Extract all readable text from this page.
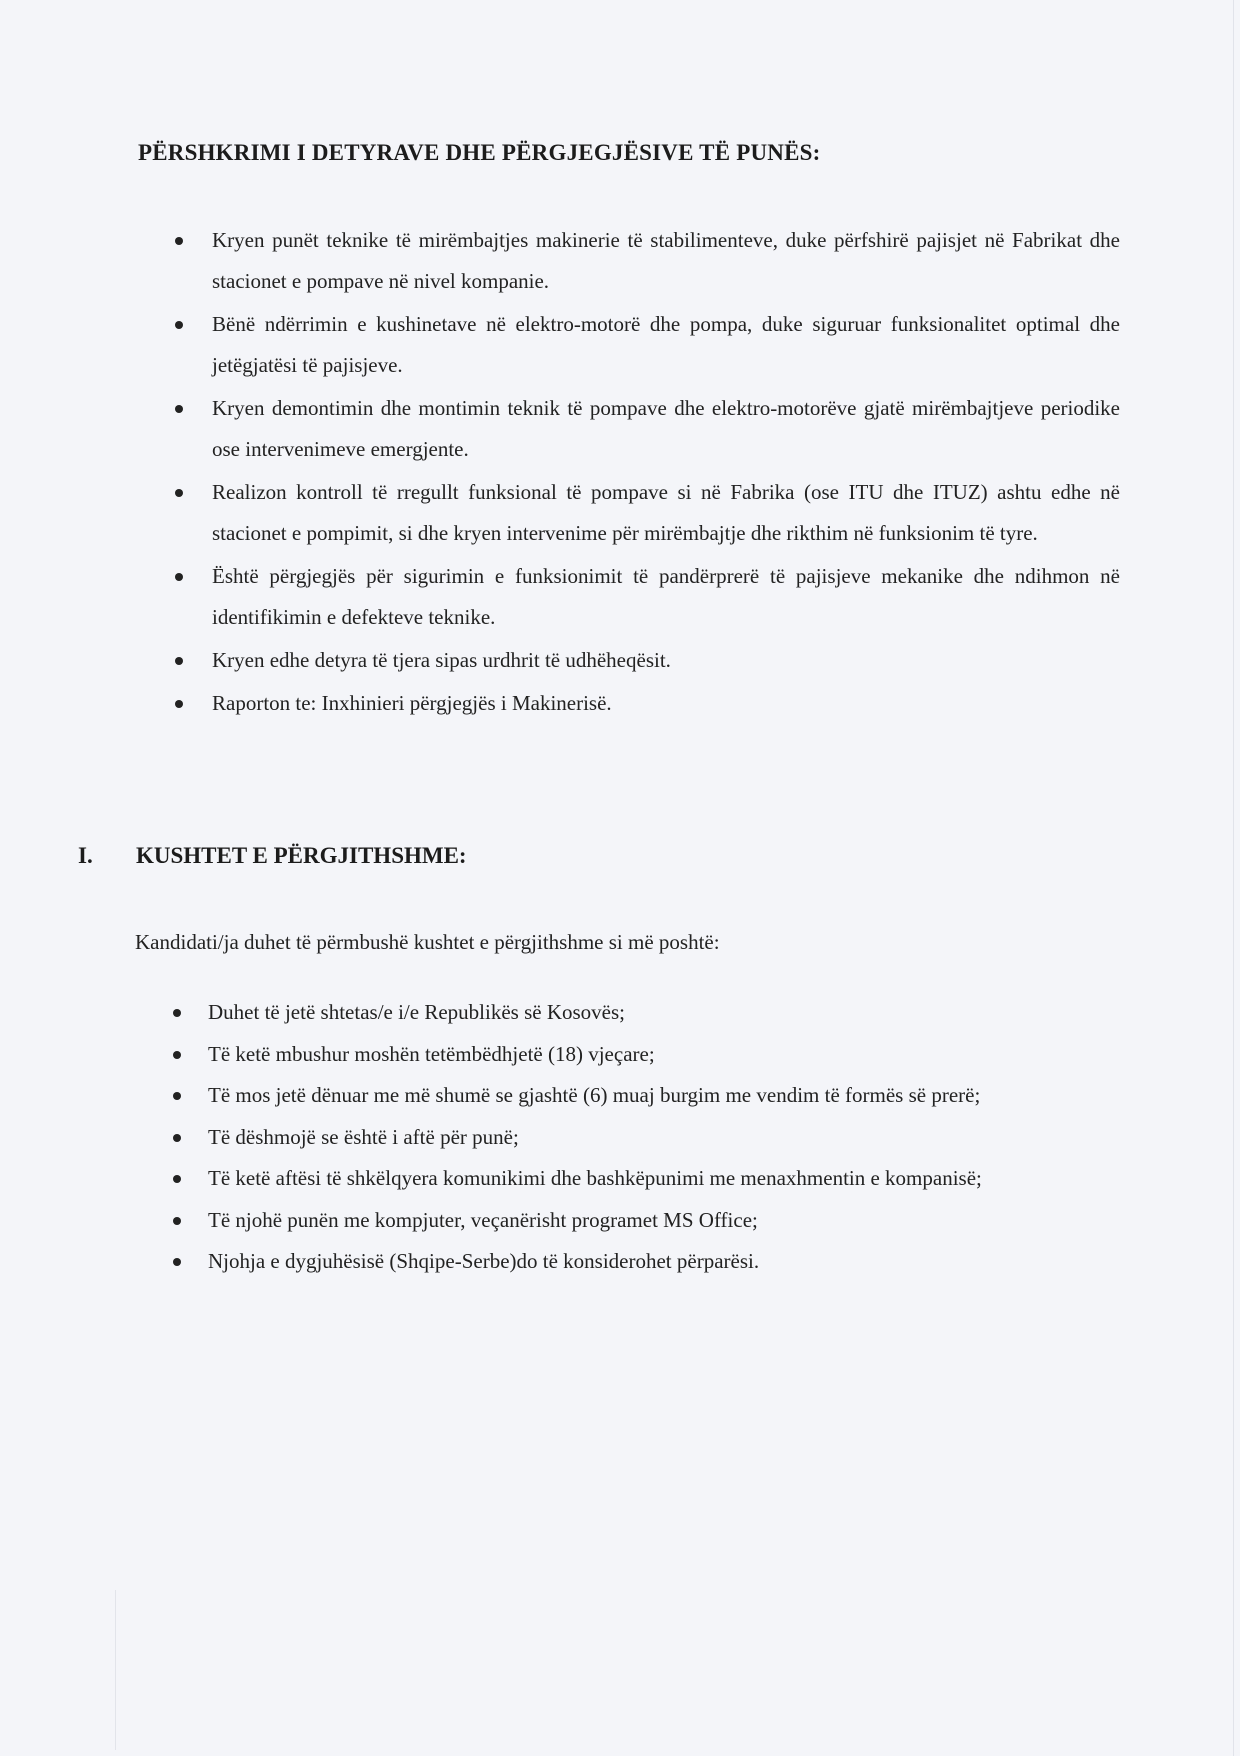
PËRSHKRIMI I DETYRAVE DHE PËRGJEGJËSIVE TË PUNËS:
Kryen punët teknike të mirëmbajtjes makinerie të stabilimenteve, duke përfshirë pajisjet në Fabrikat dhe stacionet e pompave në nivel kompanie.
Bënë ndërrimin e kushinetave në elektro-motorë dhe pompa, duke siguruar funksionalitet optimal dhe jetëgjatësi të pajisjeve.
Kryen demontimin dhe montimin teknik të pompave dhe elektro-motorëve gjatë mirëmbajtjeve periodike ose intervenimeve emergjente.
Realizon kontroll të rregullt funksional të pompave si në Fabrika (ose ITU dhe ITUZ) ashtu edhe në stacionet e pompimit, si dhe kryen intervenime për mirëmbajtje dhe rikthim në funksionim të tyre.
Është përgjegjës për sigurimin e funksionimit të pandërprerë të pajisjeve mekanike dhe ndihmon në identifikimin e defekteve teknike.
Kryen edhe detyra të tjera sipas urdhrit të udhëheqësit.
Raporton te: Inxhinieri përgjegjës i Makinerisë.
I. KUSHTET E PËRGJITHSHME:

Kandidati/ja duhet të përmbushë kushtet e përgjithshme si më poshtë:

Duhet të jetë shtetas/e i/e Republikës së Kosovës;
Të ketë mbushur moshën tetëmbëdhjetë (18) vjeçare;
Të mos jetë dënuar me më shumë se gjashtë (6) muaj burgim me vendim të formës së prerë;
Të dëshmojë se është i aftë për punë;
Të ketë aftësi të shkëlqyera komunikimi dhe bashkëpunimi me menaxhmentin e kompanisë;
Të njohë punën me kompjuter, veçanërisht programet MS Office;
Njohja e dygjuhësisë (Shqipe-Serbe)do të konsiderohet përparësi.
